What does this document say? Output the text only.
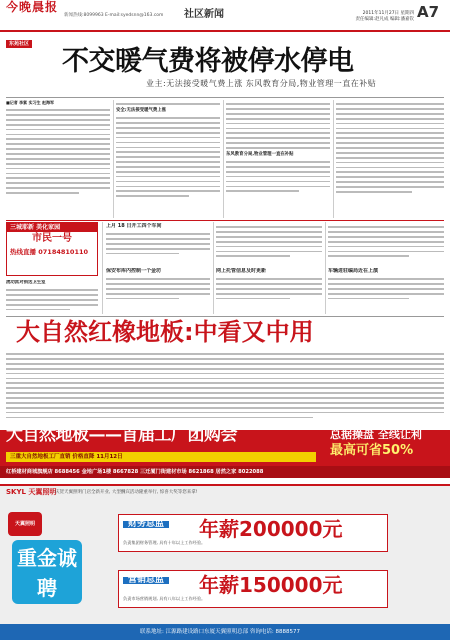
今晚晨报
新闻热线:8099963 E-mail:syedsnn@163.com 社区新闻	2011年11月27日 星期四
责任编辑:赵凡成 编辑:潘嘉钦 A7
东苑社区
不交暖气费将被停水停电
业主:无法接受暖气费上涨 东风教育分局,物业管理一直在补贴
■记者 李紫 实习生 赵海军
安全:无法接受暖气费上涨
东风教育分局,物业管理一直在补贴
三城耶新 美化家园
市民一号
热线直播 07184810110
流动派对捐送卫生室
上月 18 日开工四个车间
保安布库内控制一个金坊	网上托管信息及时更新	车辆进驻编局近在上演
大自然红橡地板:中看又中用
大自然地板——首届工厂团购会
三重大自然地板工厂直销 价格直降 11月12日
总据操盘 全线让利
最高可省50%
红桥建材商城旗舰店 8688456 金地广场1楼 8667828 三迁厦门街建材市场 8621868 居然之家 8022088
SKYL 天翼照明
庆贺天翼照明门店全新开业, 大型酬宾活动隆重举行, 惊喜大奖等您来拿!
天翼照明
重金诚聘
财务总监 年薪200000元
负责集团财务管理, 具有十年以上工作经验。
营销总监 年薪150000元
负责市场营销规划, 具有八年以上工作经验。
联系地址: 江源路建设路口东厦天翼照明总部 咨询电话: 8888577
